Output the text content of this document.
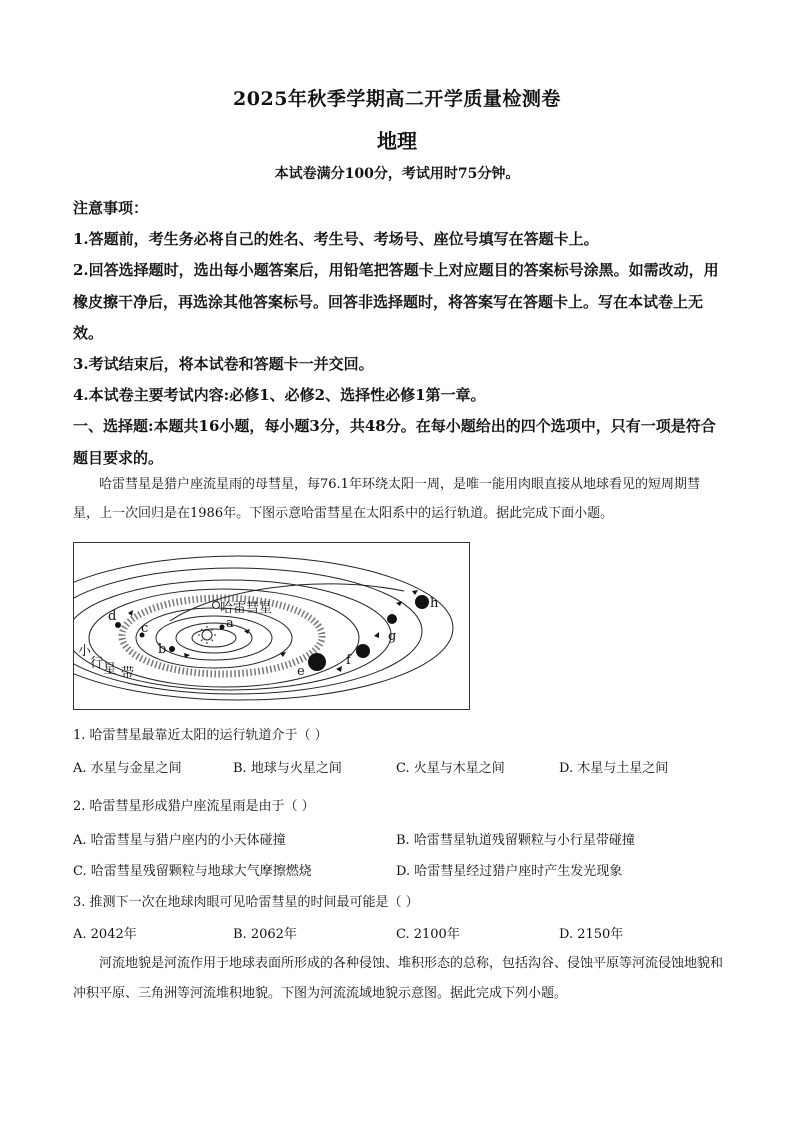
2025年秋季学期高二开学质量检测卷
地理
本试卷满分100分，考试用时75分钟。

注意事项：

1.答题前，考生务必将自己的姓名、考生号、考场号、座位号填写在答题卡上。

2.回答选择题时，选出每小题答案后，用铅笔把答题卡上对应题目的答案标号涂黑。如需改动，用橡皮擦干净后，再选涂其他答案标号。回答非选择题时，将答案写在答题卡上。写在本试卷上无效。

3.考试结束后，将本试卷和答题卡一并交回。

4.本试卷主要考试内容:必修1、必修2、选择性必修1第一章。

一、选择题:本题共16小题，每小题3分，共48分。在每小题给出的四个选项中，只有一项是符合题目要求的。

哈雷彗星是猎户座流星雨的母彗星，每76.1年环绕太阳一周，是唯一能用肉眼直接从地球看见的短周期彗星，上一次回归是在1986年。下图示意哈雷彗星在太阳系中的运行轨道。据此完成下面小题。
哈雷彗星
a
b
c
d
e
f
g
h
小
行 星 带
1. 哈雷彗星最靠近太阳的运行轨道介于（ ）
A. 水星与金星之间	B. 地球与火星之间	C. 火星与木星之间	D. 木星与土星之间
2. 哈雷彗星形成猎户座流星雨是由于（ ）
A. 哈雷彗星与猎户座内的小天体碰撞	B. 哈雷彗星轨道残留颗粒与小行星带碰撞
C. 哈雷彗星残留颗粒与地球大气摩擦燃烧	D. 哈雷彗星经过猎户座时产生发光现象
3. 推测下一次在地球肉眼可见哈雷彗星的时间最可能是（ ）
A. 2042年	B. 2062年	C. 2100年	D. 2150年
河流地貌是河流作用于地球表面所形成的各种侵蚀、堆积形态的总称，包括沟谷、侵蚀平原等河流侵蚀地貌和冲积平原、三角洲等河流堆积地貌。下图为河流流域地貌示意图。据此完成下列小题。
